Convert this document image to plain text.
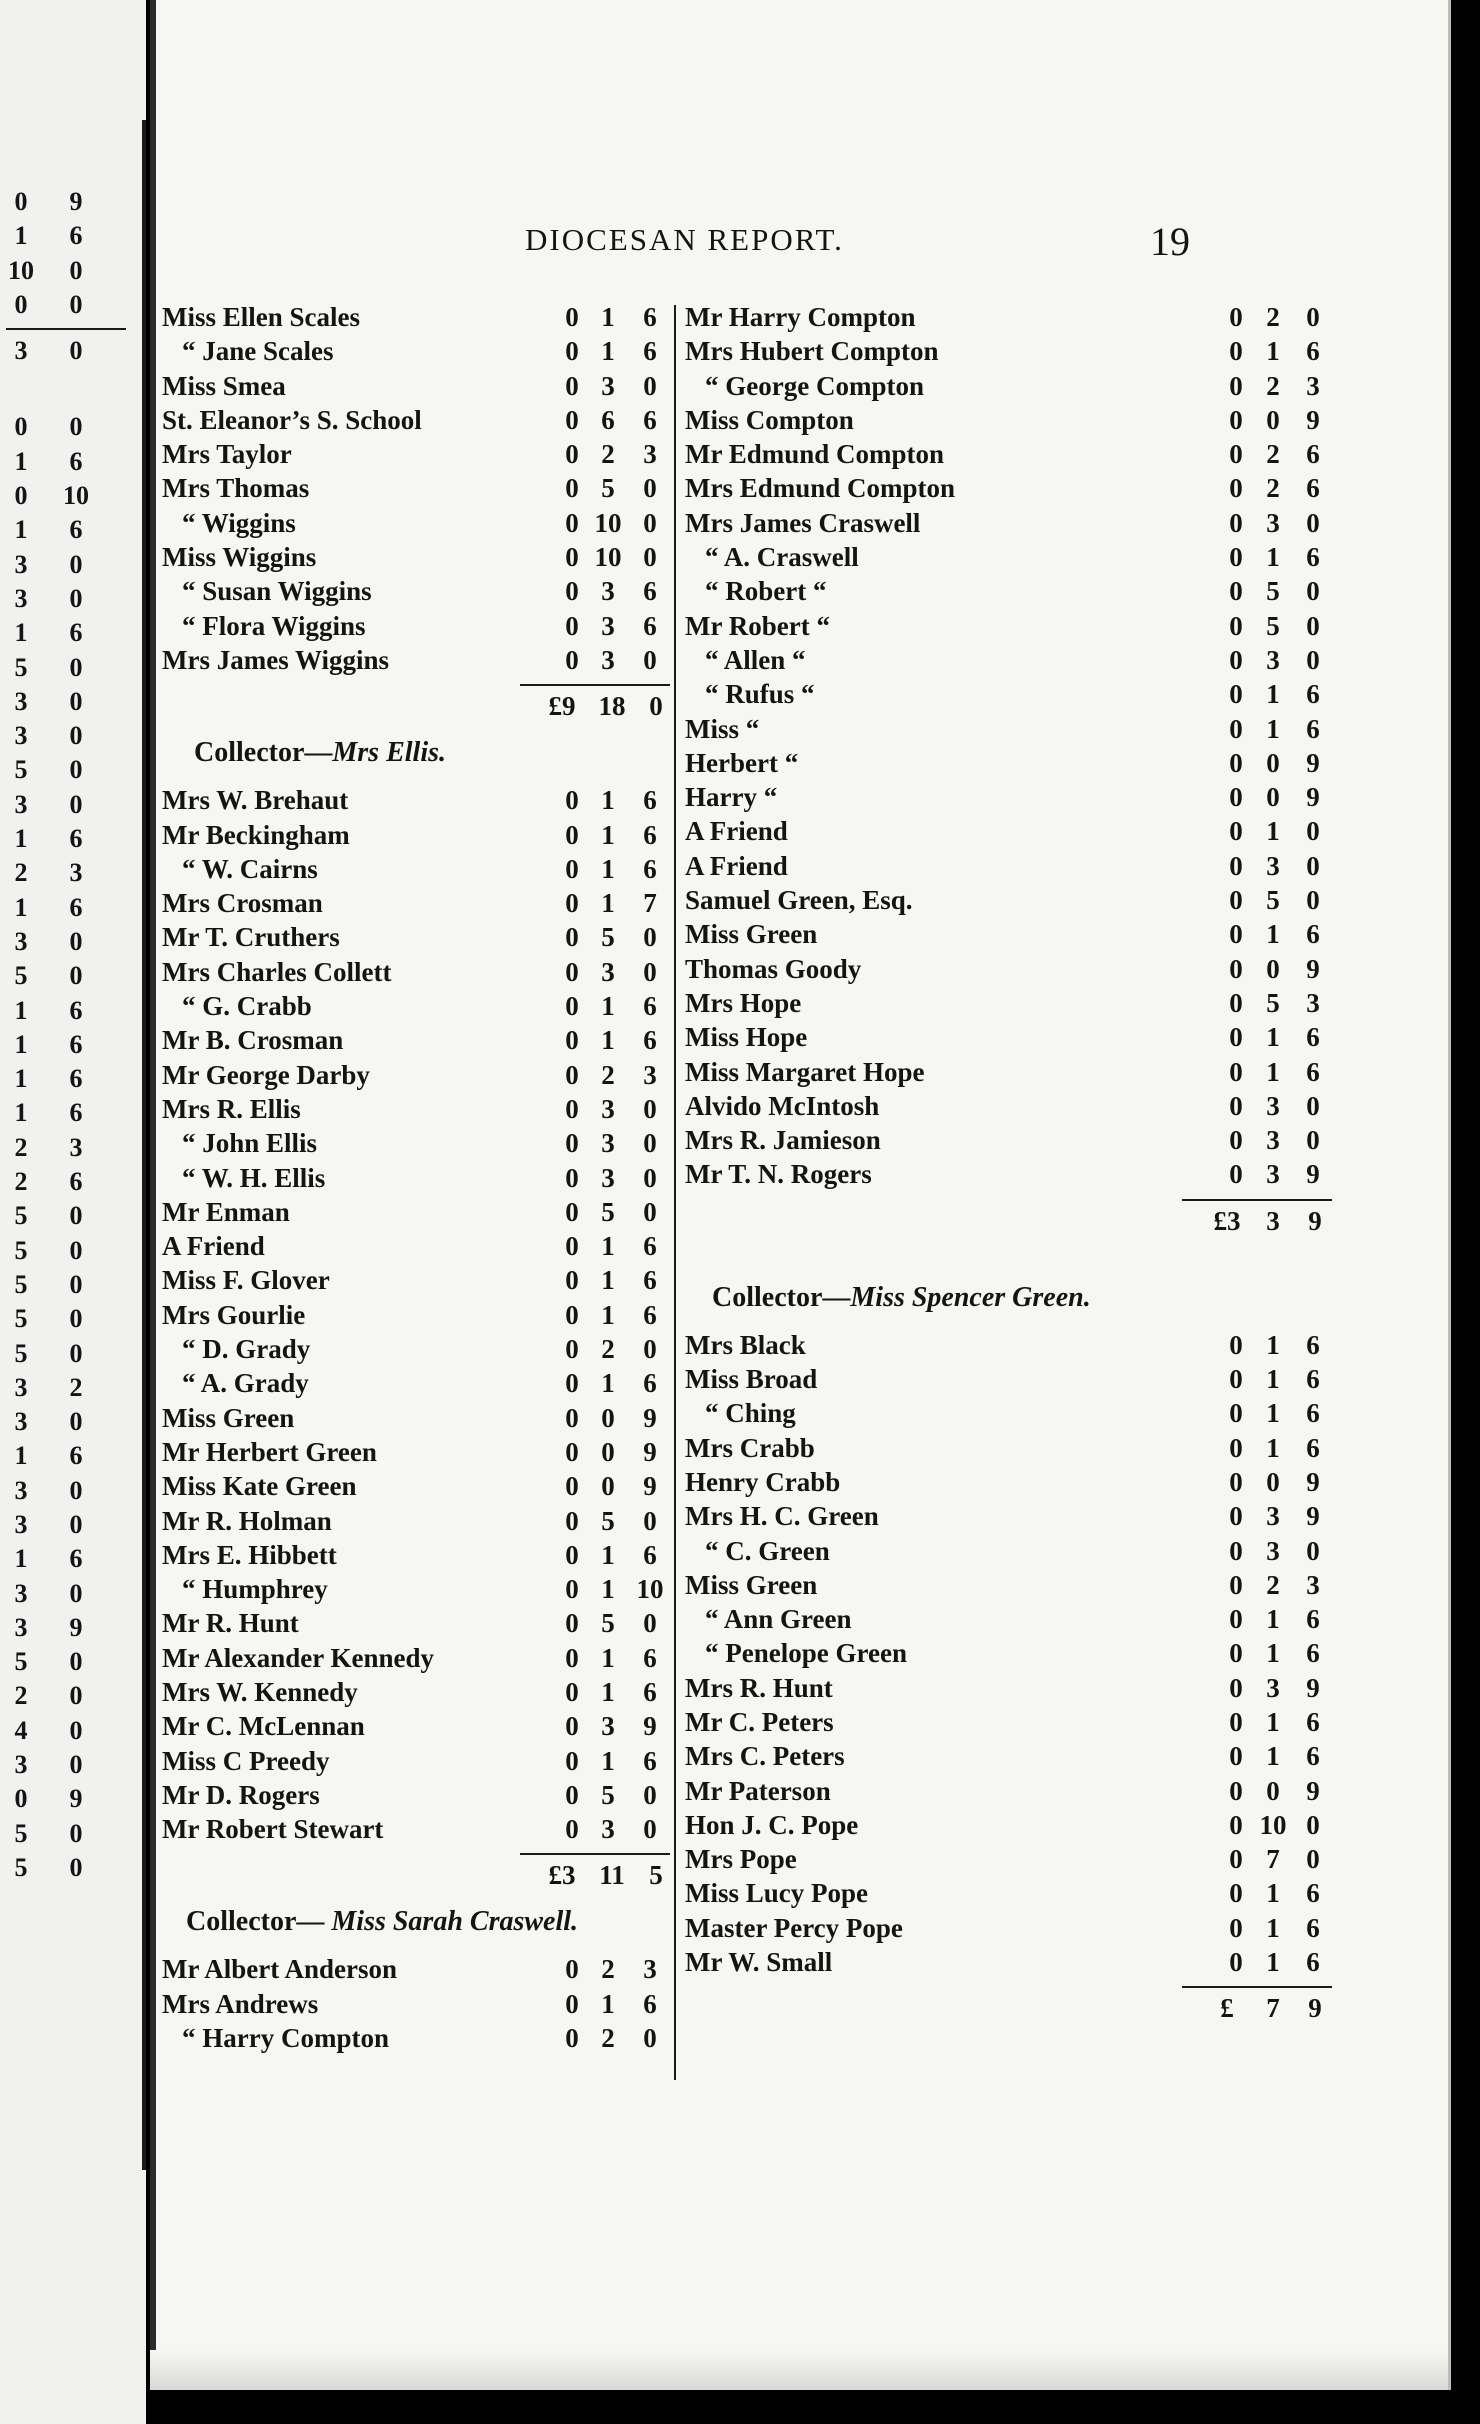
0	9
1	6
10	0
0	0
3	0
0	0
1	6
0	10
1	6
3	0
3	0
1	6
5	0
3	0
3	0
5	0
3	0
1	6
2	3
1	6
3	0
5	0
1	6
1	6
1	6
1	6
2	3
2	6
5	0
5	0
5	0
5	0
5	0
3	2
3	0
1	6
3	0
3	0
1	6
3	0
3	9
5	0
2	0
4	0
3	0
0	9
5	0
5	0
DIOCESAN REPORT.	19
Miss Ellen Scales	0 1	6
“ Jane Scales	0 1	6
Miss Smea	0 3	0
St. Eleanor’s S. School	0 6	6
Mrs Taylor	0 2	3
Mrs Thomas	0 5	0
“ Wiggins	0 10 0
Miss Wiggins	0 10 0
“ Susan Wiggins	0 3	6
“ Flora Wiggins	0 3	6
Mrs James Wiggins	0 3	0
£9 18 0
Collector—Mrs Ellis.
Mrs W. Brehaut	0 1	6
Mr Beckingham	0 1	6
“ W. Cairns	0 1	6
Mrs Crosman	0 1	7
Mr T. Cruthers	0 5	0
Mrs Charles Collett	0 3	0
“ G. Crabb	0 1	6
Mr B. Crosman	0 1	6
Mr George Darby	0 2	3
Mrs R. Ellis	0 3	0
“ John Ellis	0 3	0
“ W. H. Ellis	0 3	0
Mr Enman	0 5	0
A Friend	0 1	6
Miss F. Glover	0 1	6
Mrs Gourlie	0 1	6
“ D. Grady	0 2	0
“ A. Grady	0 1	6
Miss Green	0 0	9
Mr Herbert Green	0 0	9
Miss Kate Green	0 0	9
Mr R. Holman	0 5	0
Mrs E. Hibbett	0 1	6
“ Humphrey	0 1 10
Mr R. Hunt	0 5	0
Mr Alexander Kennedy	0 1	6
Mrs W. Kennedy	0 1	6
Mr C. McLennan	0 3	9
Miss C Preedy	0 1	6
Mr D. Rogers	0 5	0
Mr Robert Stewart	0 3	0
£3 11 5
Collector— Miss Sarah Craswell.
Mr Albert Anderson	0 2	3
Mrs Andrews	0 1	6
“ Harry Compton	0 2	0
Mr Harry Compton	0 2 0
Mrs Hubert Compton	0 1 6
“ George Compton	0 2 3
Miss Compton	0 0 9
Mr Edmund Compton	0 2 6
Mrs Edmund Compton	0 2 6
Mrs James Craswell	0 3 0
“ A. Craswell	0 1 6
“ Robert “	0 5 0
Mr Robert “	0 5 0
“ Allen “	0 3 0
“ Rufus “	0 1 6
Miss “	0 1 6
Herbert “	0 0 9
Harry “	0 0 9
A Friend	0 1 0
A Friend	0 3 0
Samuel Green, Esq.	0 5 0
Miss Green	0 1 6
Thomas Goody	0 0 9
Mrs Hope	0 5 3
Miss Hope	0 1 6
Miss Margaret Hope	0 1 6
Alvido McIntosh	0 3 0
Mrs R. Jamieson	0 3 0
Mr T. N. Rogers	0 3 9
£3 3	9
Collector—Miss Spencer Green.
Mrs Black	0 1 6
Miss Broad	0 1 6
“ Ching	0 1 6
Mrs Crabb	0 1 6
Henry Crabb	0 0 9
Mrs H. C. Green	0 3 9
“ C. Green	0 3 0
Miss Green	0 2 3
“ Ann Green	0 1 6
“ Penelope Green	0 1 6
Mrs R. Hunt	0 3 9
Mr C. Peters	0 1 6
Mrs C. Peters	0 1 6
Mr Paterson	0 0 9
Hon J. C. Pope	0 10 0
Mrs Pope	0 7 0
Miss Lucy Pope	0 1 6
Master Percy Pope	0 1 6
Mr W. Small	0 1 6
£	7	9
